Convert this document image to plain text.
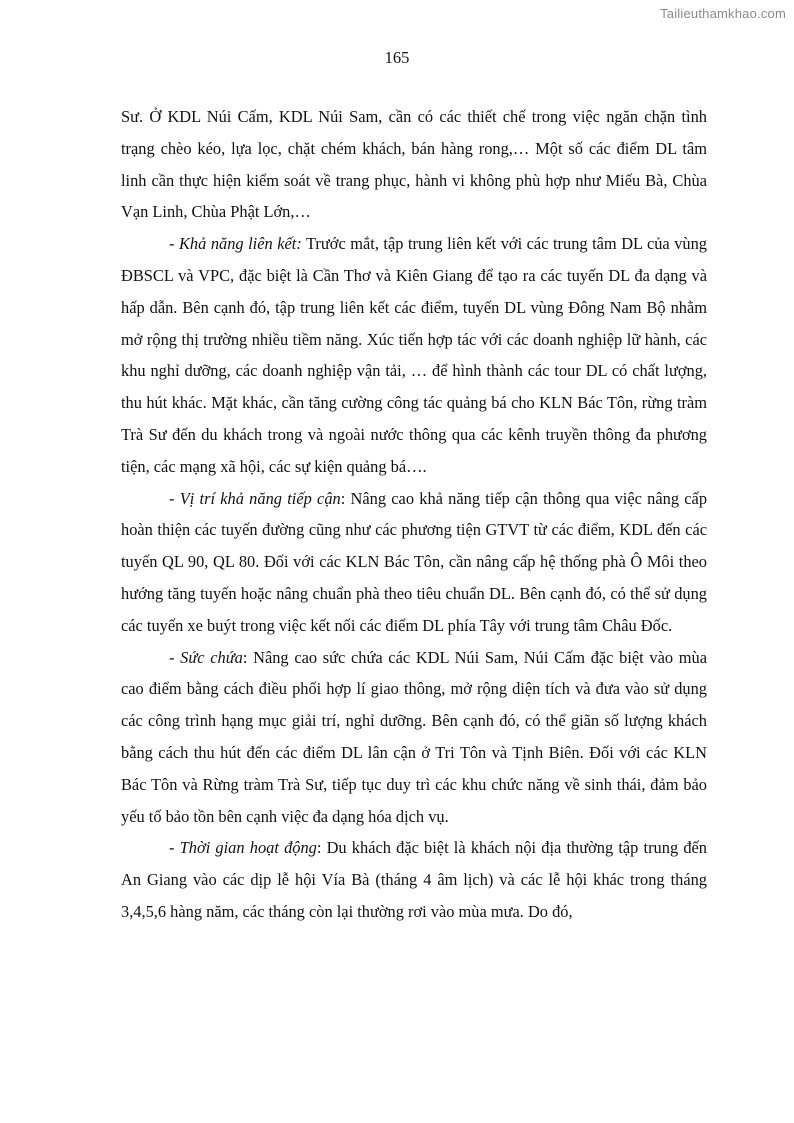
Tailieuthamkhao.com
165

Sư. Ở KDL Núi Cấm, KDL Núi Sam, cần có các thiết chế trong việc ngăn chặn tình trạng chèo kéo, lựa lọc, chặt chém khách, bán hàng rong,… Một số các điểm DL tâm linh cần thực hiện kiểm soát về trang phục, hành vi không phù hợp như Miếu Bà, Chùa Vạn Linh, Chùa Phật Lớn,…

- Khả năng liên kết: Trước mắt, tập trung liên kết với các trung tâm DL của vùng ĐBSCL và VPC, đặc biệt là Cần Thơ và Kiên Giang để tạo ra các tuyến DL đa dạng và hấp dẫn. Bên cạnh đó, tập trung liên kết các điểm, tuyến DL vùng Đông Nam Bộ nhằm mở rộng thị trường nhiều tiềm năng. Xúc tiến hợp tác với các doanh nghiệp lữ hành, các khu nghỉ dưỡng, các doanh nghiệp vận tải, … để hình thành các tour DL có chất lượng, thu hút khác. Mặt khác, cần tăng cường công tác quảng bá cho KLN Bác Tôn, rừng tràm Trà Sư đến du khách trong và ngoài nước thông qua các kênh truyền thông đa phương tiện, các mạng xã hội, các sự kiện quảng bá….

- Vị trí khả năng tiếp cận: Nâng cao khả năng tiếp cận thông qua việc nâng cấp hoàn thiện các tuyến đường cũng như các phương tiện GTVT từ các điểm, KDL đến các tuyến QL 90, QL 80. Đối với các KLN Bác Tôn, cần nâng cấp hệ thống phà Ô Môi theo hướng tăng tuyến hoặc nâng chuẩn phà theo tiêu chuẩn DL. Bên cạnh đó, có thể sử dụng các tuyến xe buýt trong việc kết nối các điểm DL phía Tây với trung tâm Châu Đốc.

- Sức chứa: Nâng cao sức chứa các KDL Núi Sam, Núi Cấm đặc biệt vào mùa cao điểm bằng cách điều phối hợp lí giao thông, mở rộng diện tích và đưa vào sử dụng các công trình hạng mục giải trí, nghỉ dưỡng. Bên cạnh đó, có thể giãn số lượng khách bằng cách thu hút đến các điểm DL lân cận ở Tri Tôn và Tịnh Biên. Đối với các KLN Bác Tôn và Rừng tràm Trà Sư, tiếp tục duy trì các khu chức năng về sinh thái, đảm bảo yếu tố bảo tồn bên cạnh việc đa dạng hóa dịch vụ.

- Thời gian hoạt động: Du khách đặc biệt là khách nội địa thường tập trung đến An Giang vào các dịp lễ hội Vía Bà (tháng 4 âm lịch) và các lễ hội khác trong tháng 3,4,5,6 hàng năm, các tháng còn lại thường rơi vào mùa mưa. Do đó,
